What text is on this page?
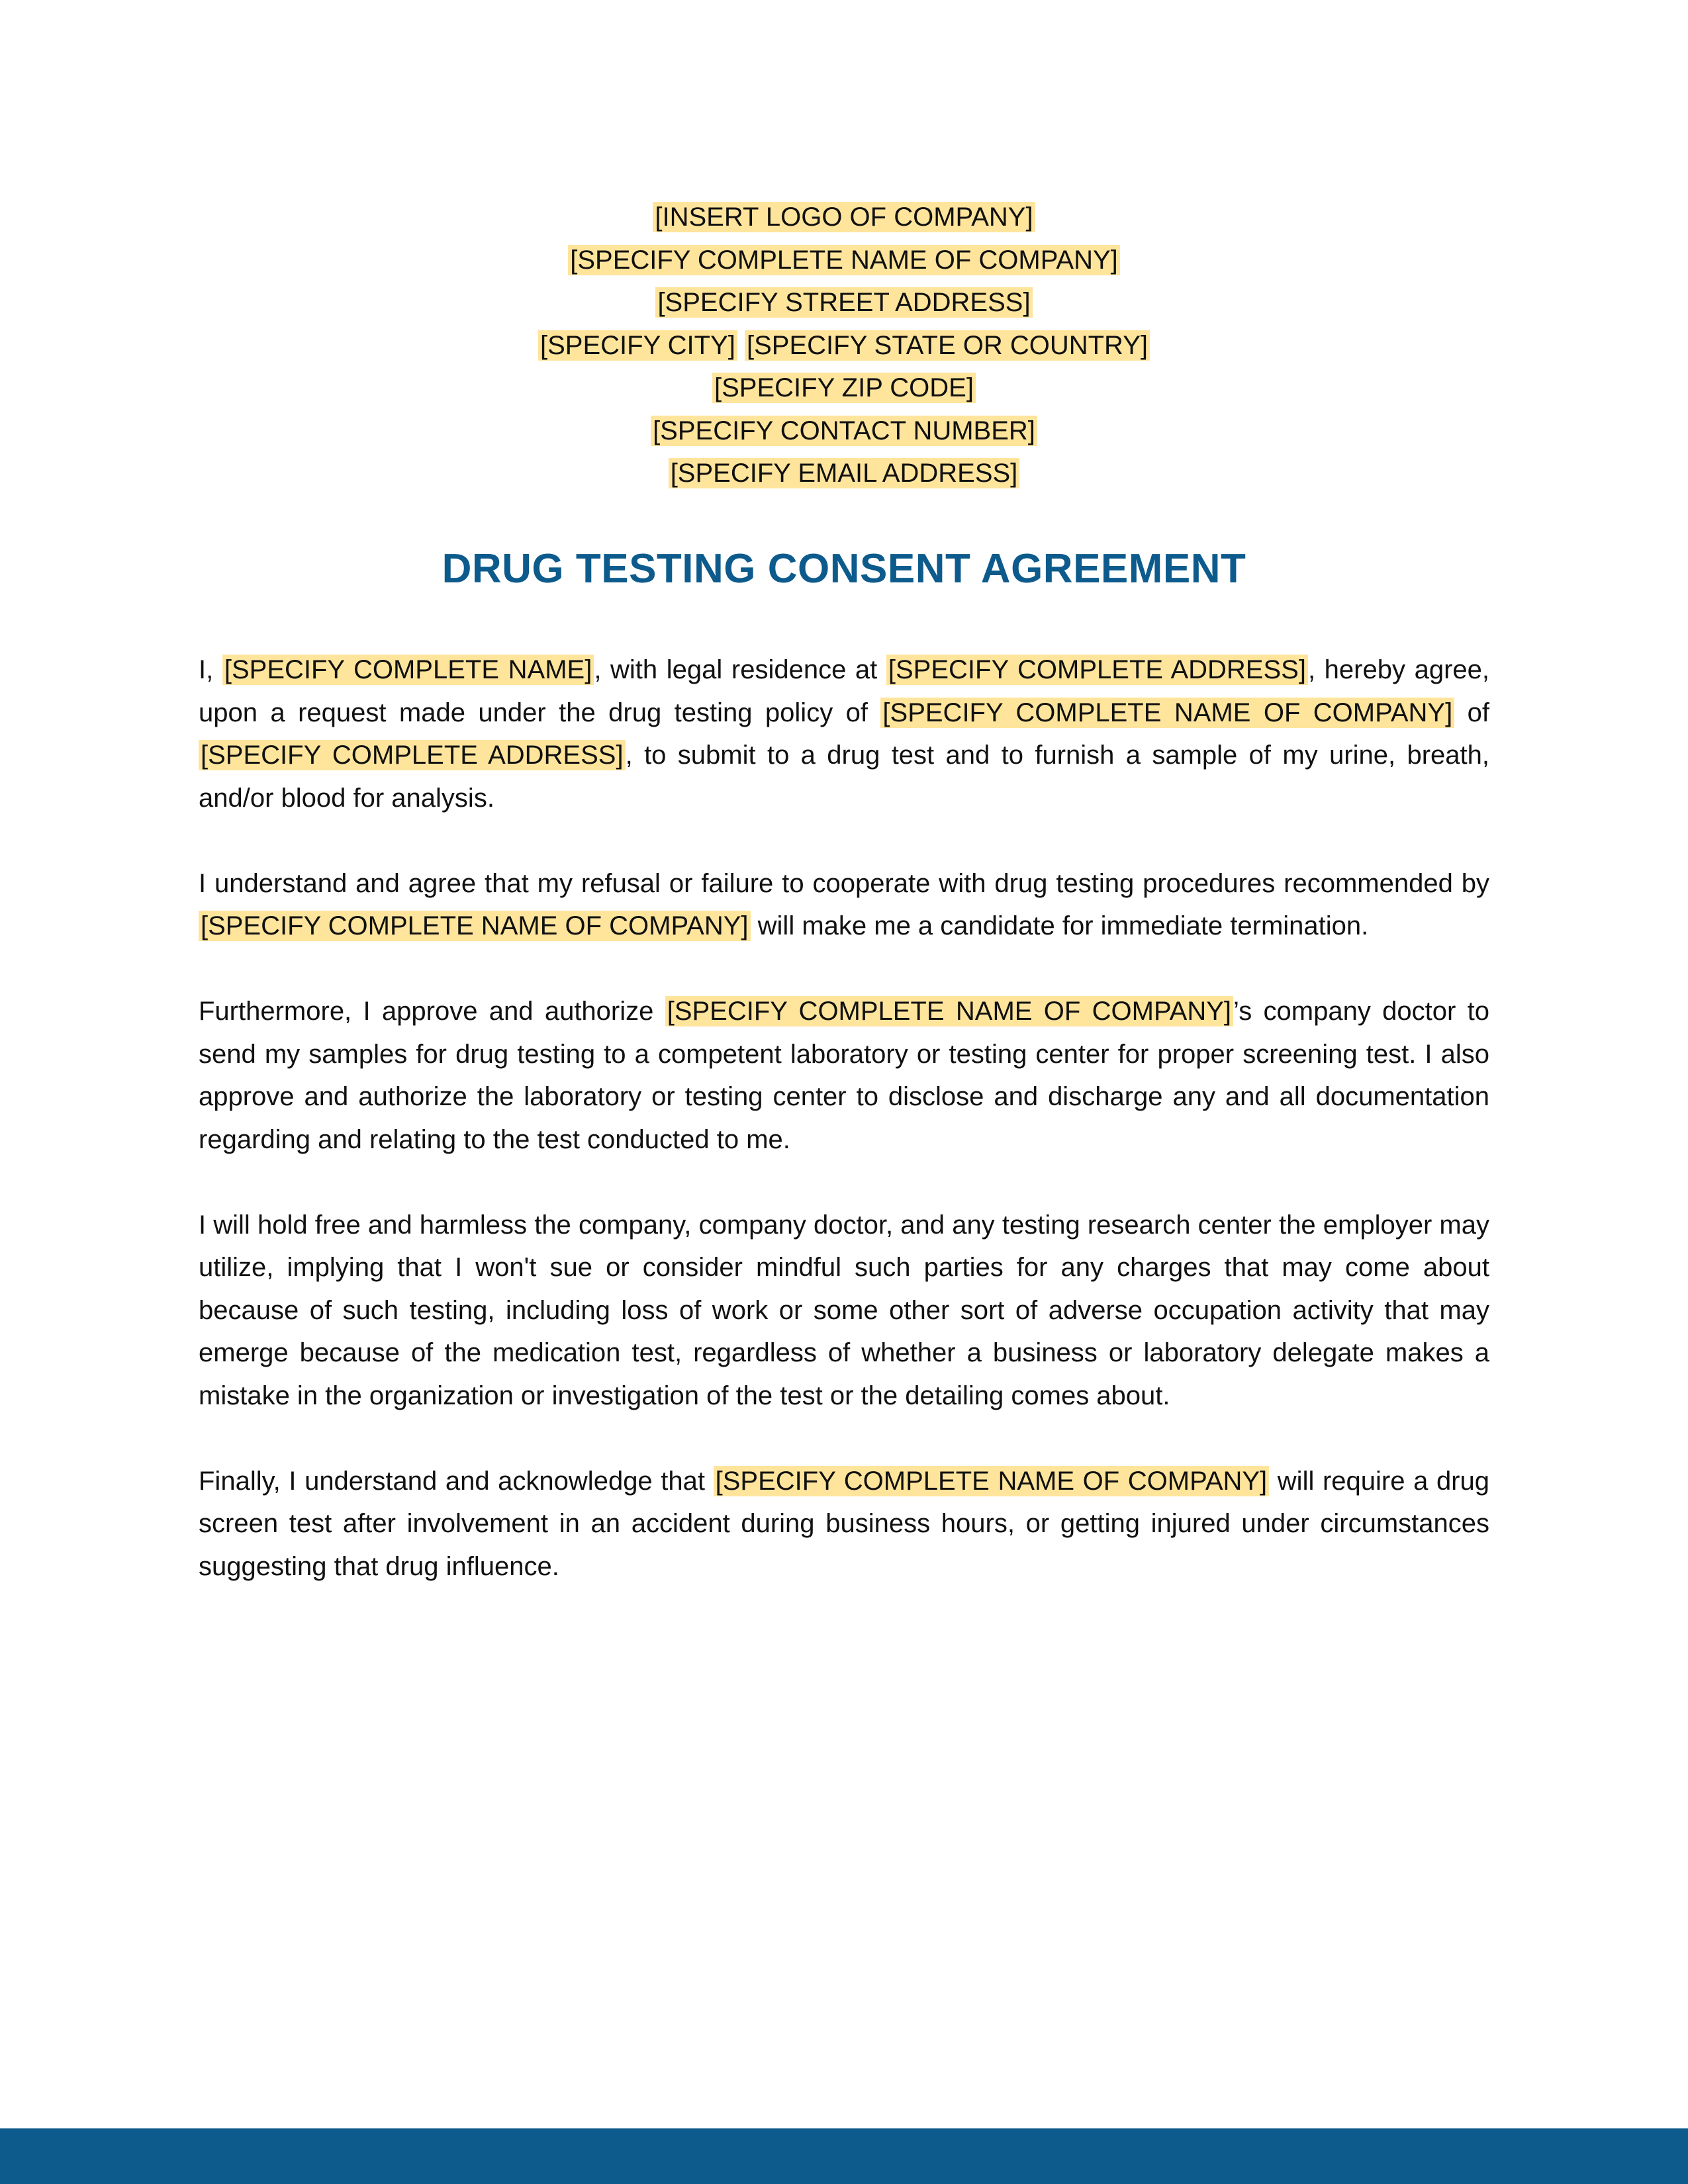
[INSERT LOGO OF COMPANY]
[SPECIFY COMPLETE NAME OF COMPANY]
[SPECIFY STREET ADDRESS]
[SPECIFY CITY] [SPECIFY STATE OR COUNTRY]
[SPECIFY ZIP CODE]
[SPECIFY CONTACT NUMBER]
[SPECIFY EMAIL ADDRESS]
DRUG TESTING CONSENT AGREEMENT

I, [SPECIFY COMPLETE NAME], with legal residence at [SPECIFY COMPLETE ADDRESS], hereby agree, upon a request made under the drug testing policy of [SPECIFY COMPLETE NAME OF COMPANY] of [SPECIFY COMPLETE ADDRESS], to submit to a drug test and to furnish a sample of my urine, breath, and/or blood for analysis.

I understand and agree that my refusal or failure to cooperate with drug testing procedures recommended by [SPECIFY COMPLETE NAME OF COMPANY] will make me a candidate for immediate termination.

Furthermore, I approve and authorize [SPECIFY COMPLETE NAME OF COMPANY]’s company doctor to send my samples for drug testing to a competent laboratory or testing center for proper screening test. I also approve and authorize the laboratory or testing center to disclose and discharge any and all documentation regarding and relating to the test conducted to me.

I will hold free and harmless the company, company doctor, and any testing research center the employer may utilize, implying that I won't sue or consider mindful such parties for any charges that may come about because of such testing, including loss of work or some other sort of adverse occupation activity that may emerge because of the medication test, regardless of whether a business or laboratory delegate makes a mistake in the organization or investigation of the test or the detailing comes about.

Finally, I understand and acknowledge that [SPECIFY COMPLETE NAME OF COMPANY] will require a drug screen test after involvement in an accident during business hours, or getting injured under circumstances suggesting that drug influence.
